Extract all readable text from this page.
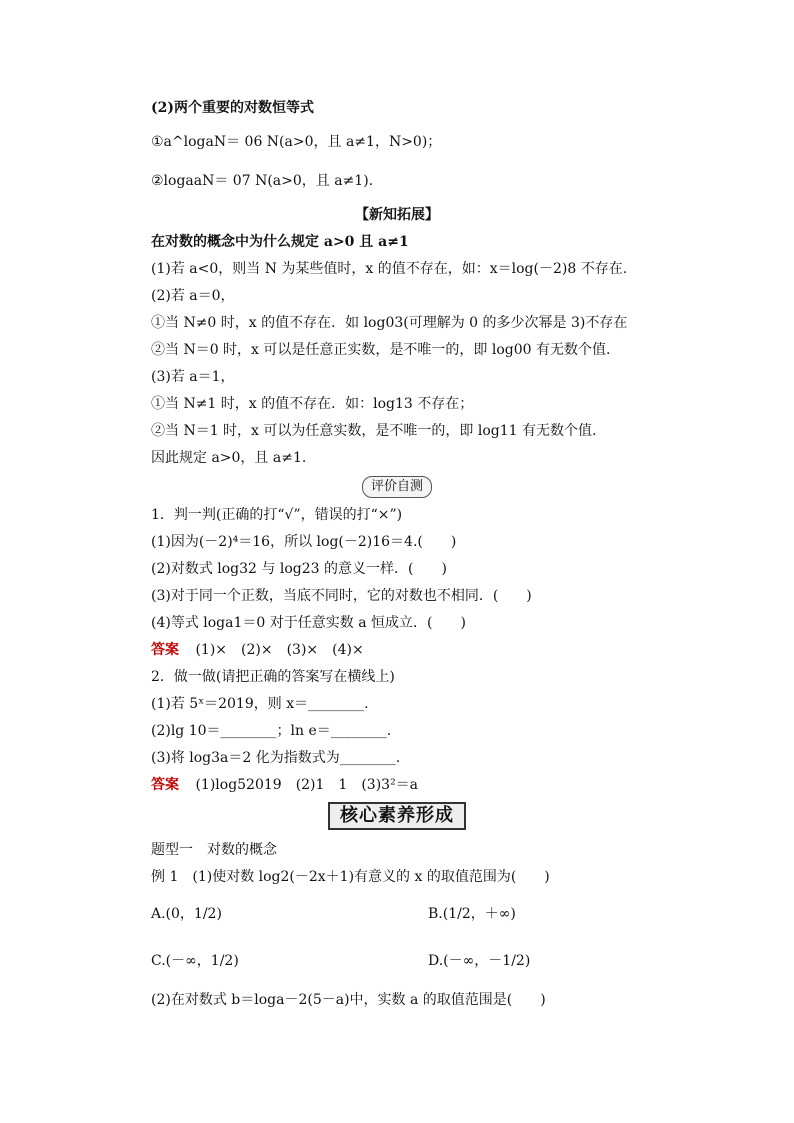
(2)两个重要的对数恒等式
①a^logaN＝ 06 N(a>0，且 a≠1，N>0)；
②logaaN＝ 07 N(a>0，且 a≠1).
【新知拓展】
在对数的概念中为什么规定 a>0 且 a≠1
(1)若 a<0，则当 N 为某些值时，x 的值不存在，如：x＝log(－2)8 不存在.
(2)若 a＝0，
①当 N≠0 时，x 的值不存在．如 log03(可理解为 0 的多少次幂是 3)不存在
②当 N＝0 时，x 可以是任意正实数，是不唯一的，即 log00 有无数个值.
(3)若 a＝1，
①当 N≠1 时，x 的值不存在．如：log13 不存在；
②当 N＝1 时，x 可以为任意实数，是不唯一的，即 log11 有无数个值.
因此规定 a>0，且 a≠1.
评价自测
1．判一判(正确的打“√”，错误的打“×”)
(1)因为(－2)⁴＝16，所以 log(－2)16＝4.(　　)
(2)对数式 log32 与 log23 的意义一样．(　　)
(3)对于同一个正数，当底不同时，它的对数也不相同．(　　)
(4)等式 loga1＝0 对于任意实数 a 恒成立．(　　)
答案 (1)×　(2)×　(3)×　(4)×
2．做一做(请把正确的答案写在横线上)
(1)若 5ˣ＝2019，则 x＝________.
(2)lg 10＝________；ln e＝________.
(3)将 log3a＝2 化为指数式为________.
答案 (1)log52019　(2)1　1　(3)3²＝a
核心素养形成
题型一　对数的概念
例 1　(1)使对数 log2(－2x＋1)有意义的 x 的取值范围为(　　)
A.(0，1/2)	B.(1/2，＋∞)
C.(－∞，1/2)	D.(－∞，－1/2)
(2)在对数式 b＝loga－2(5－a)中，实数 a 的取值范围是(　　)
